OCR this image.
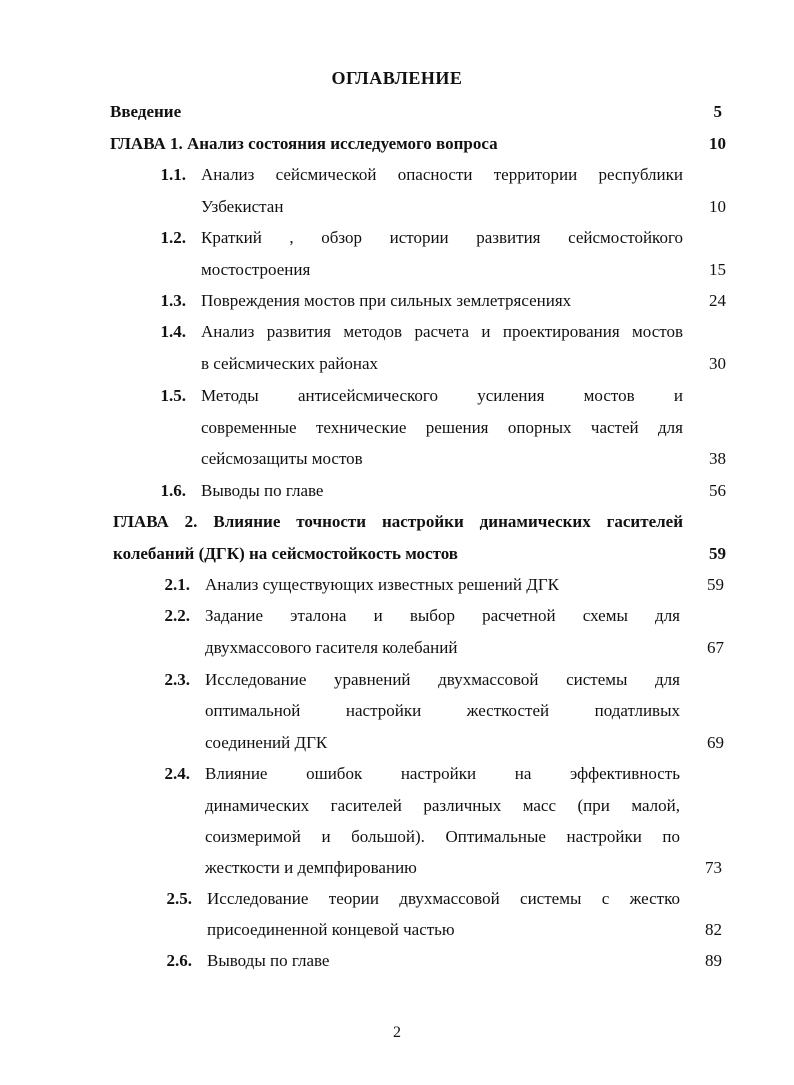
ОГЛАВЛЕНИЕ
Введение	5
ГЛАВА 1. Анализ состояния исследуемого вопроса	10
1.1. Анализ сейсмической опасности территории республики
Узбекистан	10
1.2. Краткий , обзор истории развития сейсмостойкого
мостостроения	15
1.3. Повреждения мостов при сильных землетрясениях	24
1.4. Анализ развития методов расчета и проектирования мостов
в сейсмических районах	30
1.5. Методы антисейсмического усиления мостов и
современные технические решения опорных частей для
сейсмозащиты мостов	38
1.6. Выводы по главе	56
ГЛАВА 2. Влияние точности настройки динамических гасителей
колебаний (ДГК) на сейсмостойкость мостов	59
2.1. Анализ существующих известных решений ДГК	59
2.2. Задание эталона и выбор расчетной схемы для
двухмассового гасителя колебаний	67
2.3. Исследование уравнений двухмассовой системы для
оптимальной настройки жесткостей податливых
соединений ДГК	69
2.4. Влияние ошибок настройки на эффективность
динамических гасителей различных масс (при малой,
соизмеримой и большой). Оптимальные настройки по
жесткости и демпфированию	73
2.5. Исследование теории двухмассовой системы с жестко
присоединенной концевой частью	82
2.6. Выводы по главе	89
2
